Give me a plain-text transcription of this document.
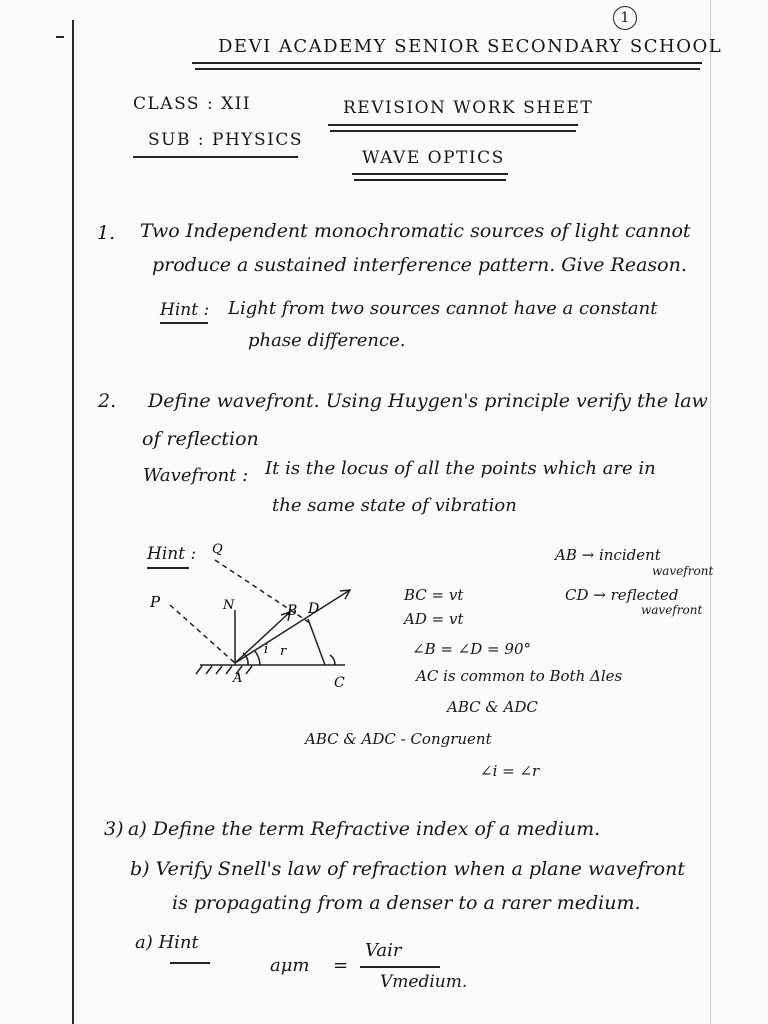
1
DEVI ACADEMY SENIOR SECONDARY SCHOOL
CLASS : XII	REVISION WORK SHEET
SUB : PHYSICS
WAVE OPTICS
1. Two Independent monochromatic sources of light cannot
produce a sustained interference pattern. Give Reason.
Hint : Light from two sources cannot have a constant
phase difference.
2. Define wavefront. Using Huygen's principle verify the law
of reflection
Wavefront : It is the locus of all the points which are in
the same state of vibration
Hint : Q
P	N	B D
A	C
i r
AB → incident
wavefront
CD → reflected
wavefront
BC = vt
AD = vt
∠B = ∠D = 90°
AC is common to Both Δles
ABC & ADC
ABC & ADC - Congruent
∠i = ∠r
3) a) Define the term Refractive index of a medium.
b) Verify Snell's law of refraction when a plane wavefront
is propagating from a denser to a rarer medium.
a) Hint
aμm =
Vair
Vmedium.
